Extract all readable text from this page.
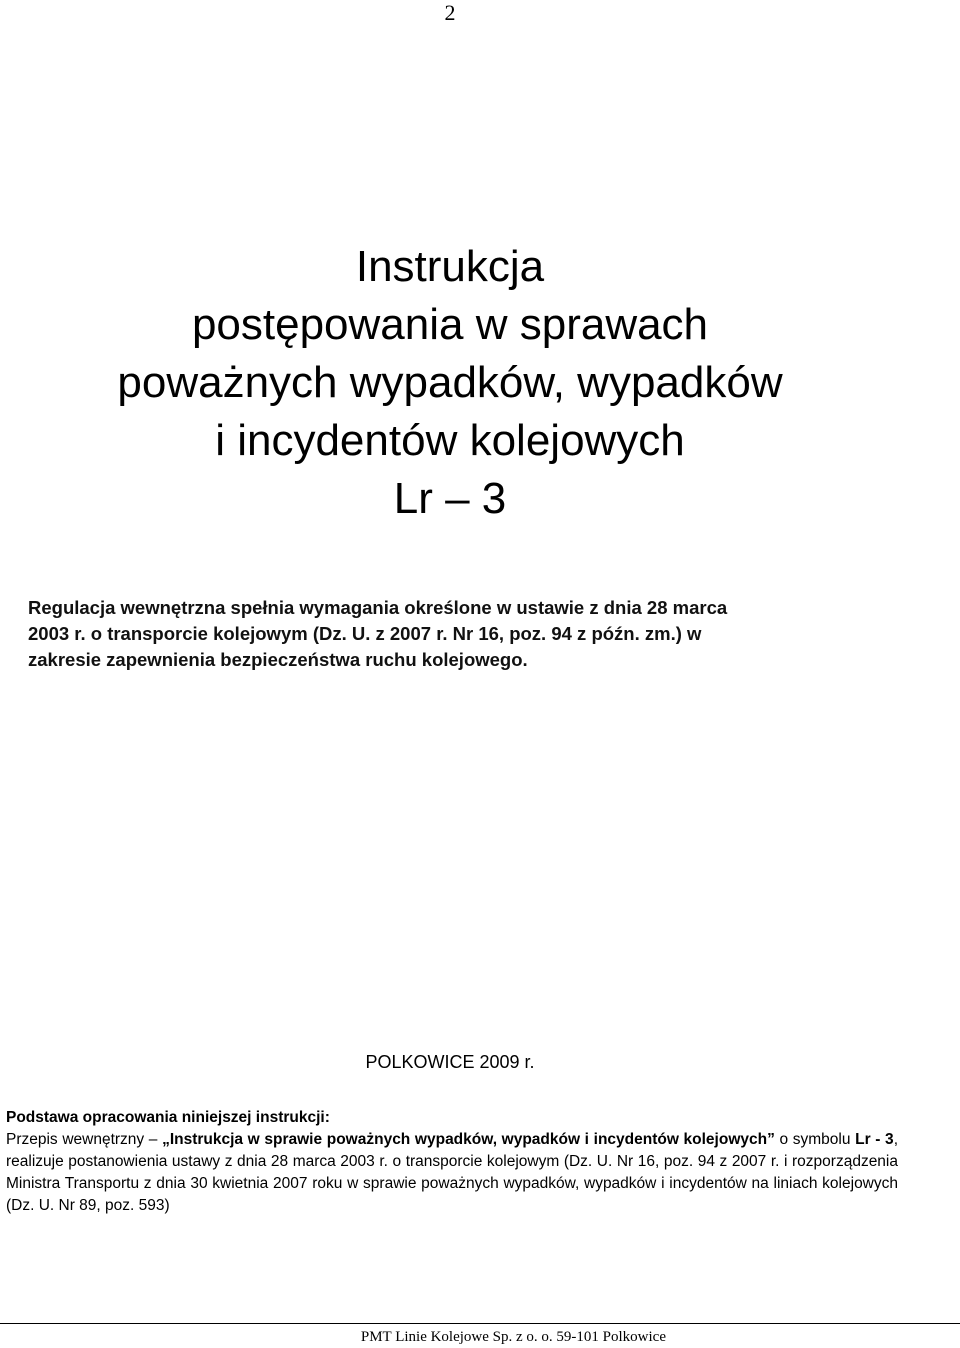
2
Instrukcja
postępowania w sprawach
poważnych wypadków, wypadków
i incydentów kolejowych
Lr – 3
Regulacja wewnętrzna spełnia wymagania określone w ustawie z dnia 28 marca
2003 r. o transporcie kolejowym (Dz. U. z 2007 r. Nr 16, poz. 94 z późn. zm.) w
zakresie zapewnienia bezpieczeństwa ruchu kolejowego.
POLKOWICE 2009 r.
Podstawa opracowania niniejszej instrukcji:
Przepis wewnętrzny – „Instrukcja w sprawie poważnych wypadków, wypadków i incydentów kolejowych” o symbolu Lr - 3, realizuje postanowienia ustawy z dnia 28 marca 2003 r. o transporcie kolejowym (Dz. U. Nr 16, poz. 94 z 2007 r. i rozporządzenia Ministra Transportu z dnia 30 kwietnia 2007 roku w sprawie poważnych wypadków, wypadków i incydentów na liniach kolejowych (Dz. U. Nr 89, poz. 593)
PMT Linie Kolejowe Sp. z o. o. 59-101 Polkowice
